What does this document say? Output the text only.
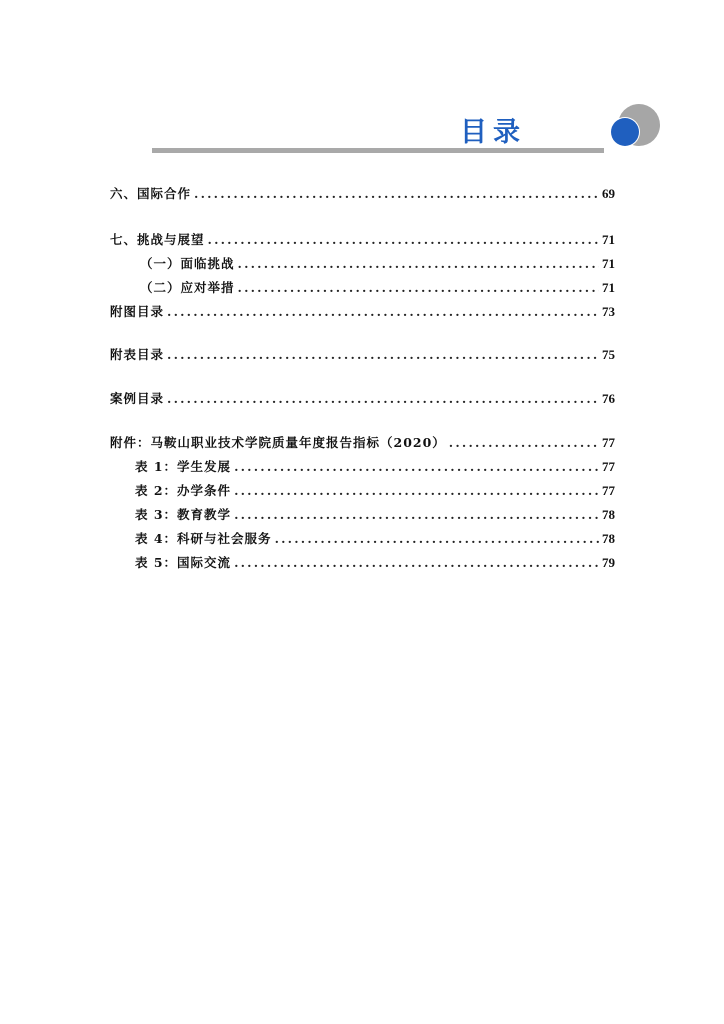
目录
六、国际合作 .....	69
七、挑战与展望 .....	71
（一）面临挑战 .....	71
（二）应对举措 .....	71
附图目录 .....	73
附表目录 .....	75
案例目录 .....	76
附件：马鞍山职业技术学院质量年度报告指标（2020） .....	77
表 1：学生发展 .....	77
表 2：办学条件 .....	77
表 3：教育教学 .....	78
表 4：科研与社会服务 .....	78
表 5：国际交流 .....	79
